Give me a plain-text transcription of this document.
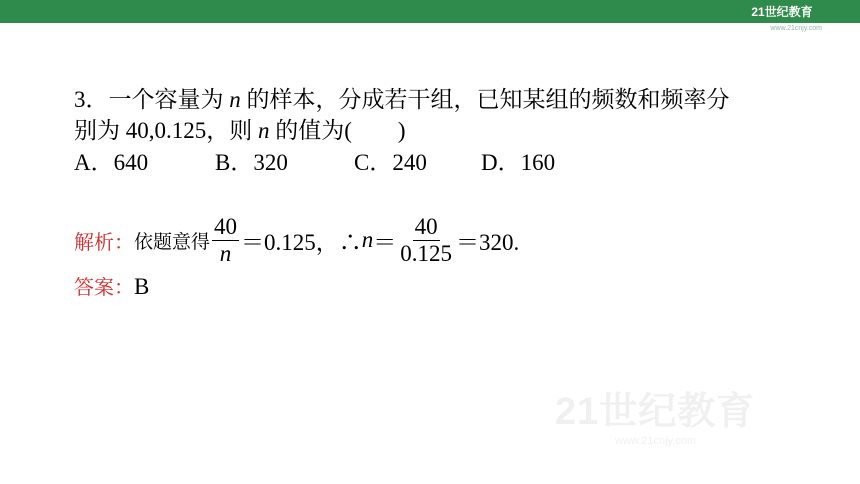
21世纪教育
www.21cnjy.com
3．一个容量为 n 的样本，分成若干组，已知某组的频数和频率分
别为 40,0.125，则 n 的值为(　　)
A．640	B．320	C．240 D．160
解析： 依题意得 $\frac{40}{n} =0.125$，∴ $n = \frac{40}{0.125} =320$.
答案：B
21世纪教育
www.21cnjy.com
